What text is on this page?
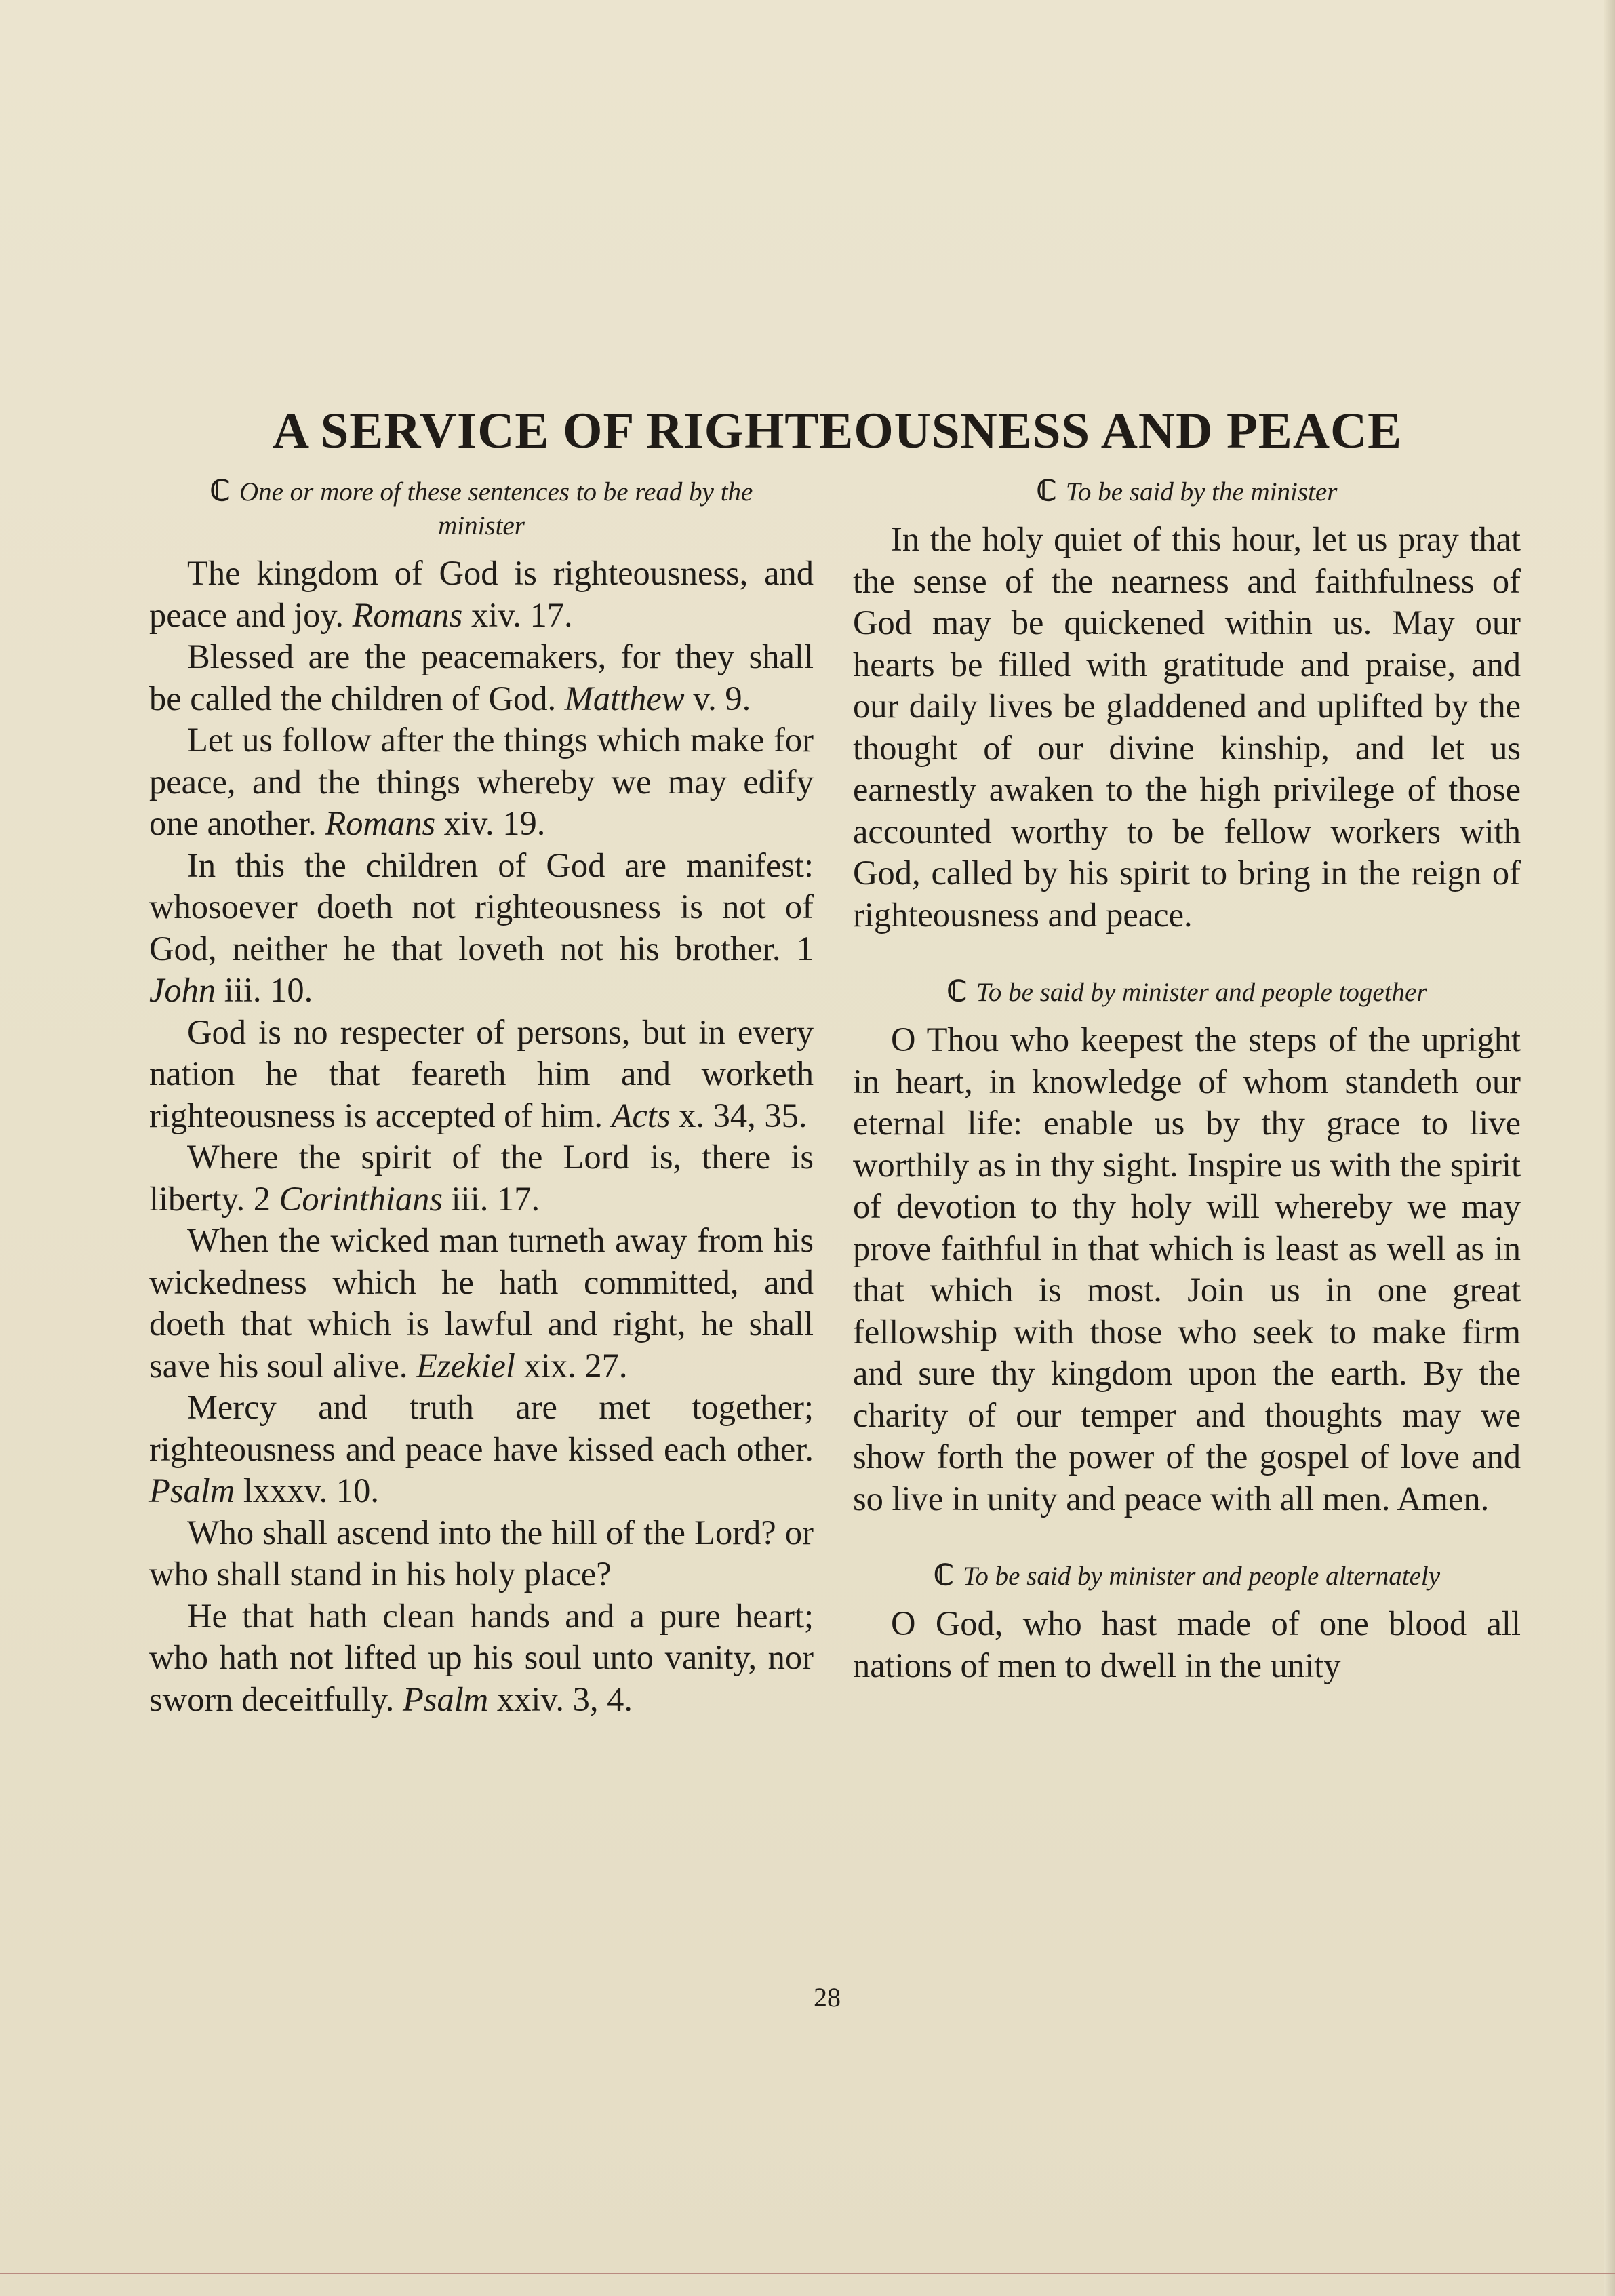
A SERVICE OF RIGHTEOUSNESS AND PEACE

ℂ One or more of these sentences to be read by the minister

The kingdom of God is righteousness, and peace and joy. Romans xiv. 17.

Blessed are the peacemakers, for they shall be called the children of God. Matthew v. 9.

Let us follow after the things which make for peace, and the things whereby we may edify one another. Romans xiv. 19.

In this the children of God are manifest: whosoever doeth not righteousness is not of God, neither he that loveth not his brother. 1 John iii. 10.

God is no respecter of persons, but in every nation he that feareth him and worketh righteousness is accepted of him. Acts x. 34, 35.

Where the spirit of the Lord is, there is liberty. 2 Corinthians iii. 17.

When the wicked man turneth away from his wickedness which he hath committed, and doeth that which is lawful and right, he shall save his soul alive. Ezekiel xix. 27.

Mercy and truth are met together; righteousness and peace have kissed each other. Psalm lxxxv. 10.

Who shall ascend into the hill of the Lord? or who shall stand in his holy place?

He that hath clean hands and a pure heart; who hath not lifted up his soul unto vanity, nor sworn deceitfully. Psalm xxiv. 3, 4.

ℂ To be said by the minister

In the holy quiet of this hour, let us pray that the sense of the nearness and faithfulness of God may be quickened within us. May our hearts be filled with gratitude and praise, and our daily lives be gladdened and uplifted by the thought of our divine kinship, and let us earnestly awaken to the high privilege of those accounted worthy to be fellow workers with God, called by his spirit to bring in the reign of righteousness and peace.

ℂ To be said by minister and people together

O Thou who keepest the steps of the upright in heart, in knowledge of whom standeth our eternal life: enable us by thy grace to live worthily as in thy sight. Inspire us with the spirit of devotion to thy holy will whereby we may prove faithful in that which is least as well as in that which is most. Join us in one great fellowship with those who seek to make firm and sure thy kingdom upon the earth. By the charity of our temper and thoughts may we show forth the power of the gospel of love and so live in unity and peace with all men. Amen.

ℂ To be said by minister and people alternately

O God, who hast made of one blood all nations of men to dwell in the unity

28
